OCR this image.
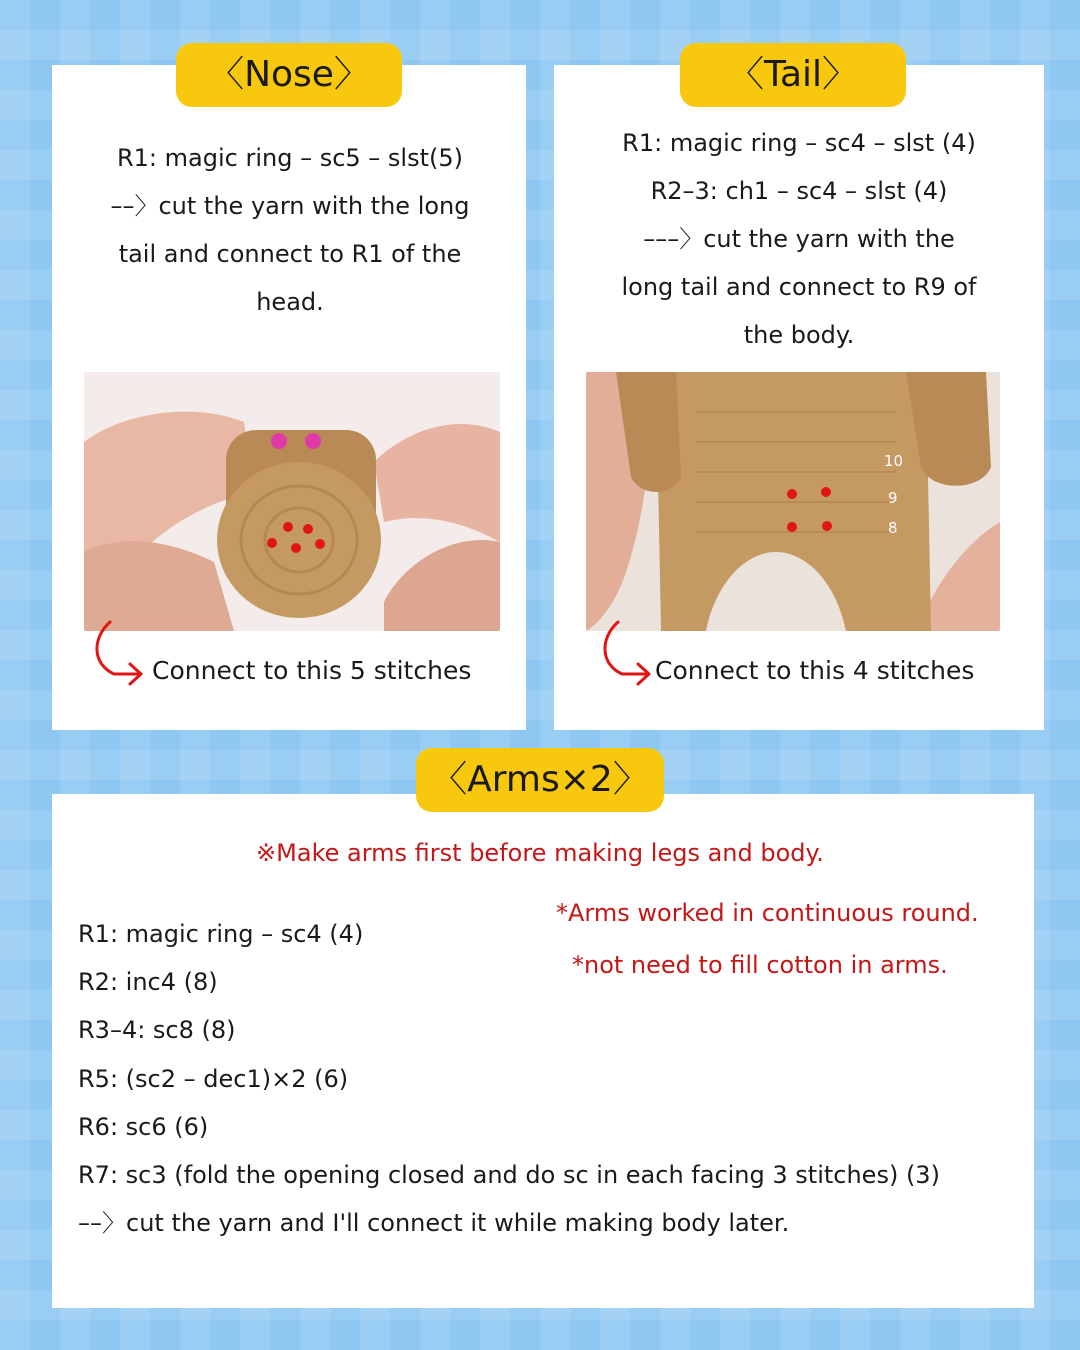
〈Nose〉	〈Tail〉
〈Arms×2〉
R1: magic ring – sc5 – slst(5)
––〉cut the yarn with the long
tail and connect to R1 of the
head.
R1: magic ring – sc4 – slst (4)
R2–3: ch1 – sc4 – slst (4)
–––〉cut the yarn with the
long tail and connect to R9 of
the body.
10
9
8
Connect to this 5 stitches	Connect to this 4 stitches
※Make arms first before making legs and body.
*Arms worked in continuous round.
*not need to fill cotton in arms.
R1: magic ring – sc4 (4)
R2: inc4 (8)
R3–4: sc8 (8)
R5: (sc2 – dec1)×2 (6)
R6: sc6 (6)
R7: sc3 (fold the opening closed and do sc in each facing 3 stitches) (3)
––〉cut the yarn and I'll connect it while making body later.
